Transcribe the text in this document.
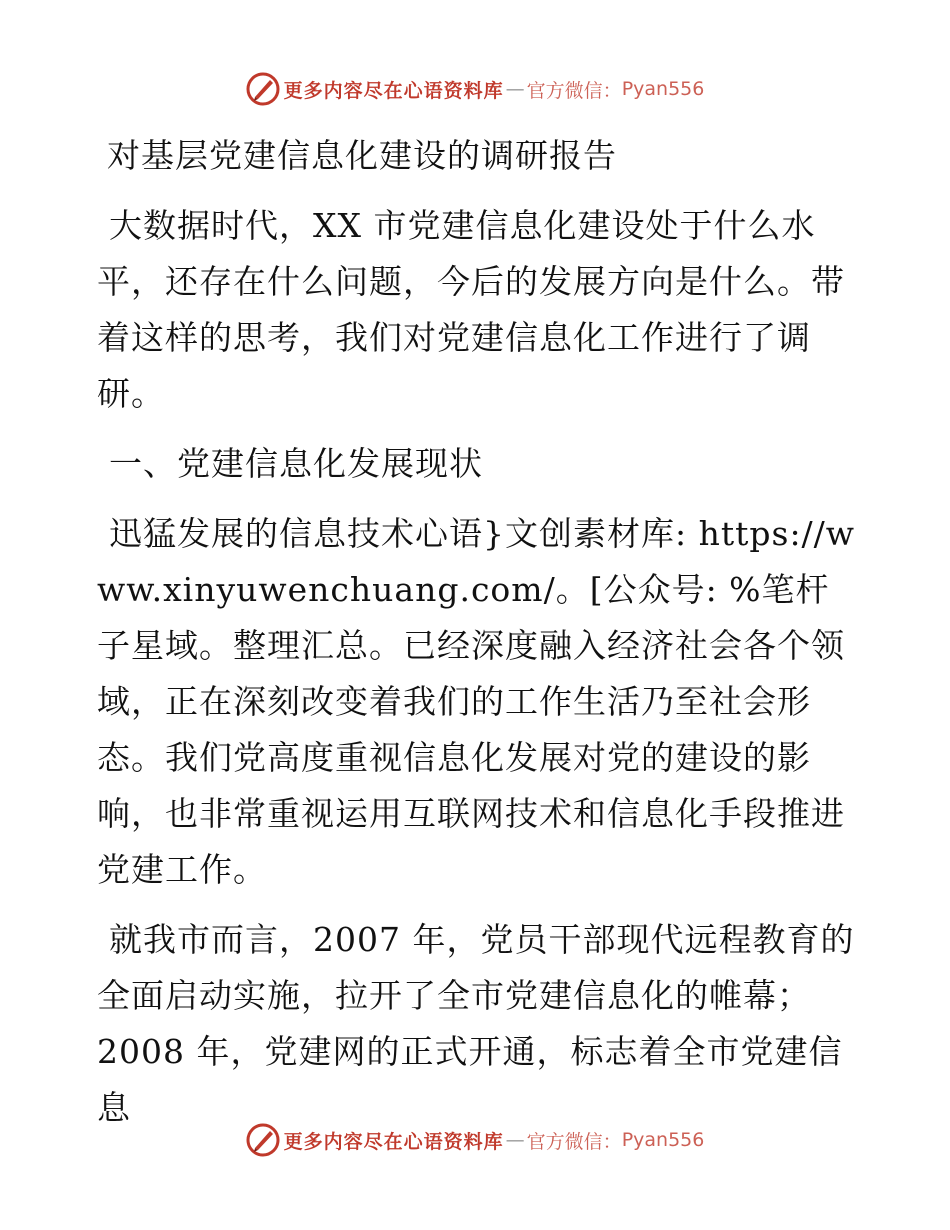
更多内容尽在心语资料库 — 官方微信： Pyan556

对基层党建信息化建设的调研报告

大数据时代，XX 市党建信息化建设处于什么水平，还存在什么问题，今后的发展方向是什么。带着这样的思考，我们对党建信息化工作进行了调研。

一、党建信息化发展现状

迅猛发展的信息技术心语}文创素材库: https://www.xinyuwenchuang.com/。[公众号: %笔杆子星域。整理汇总。已经深度融入经济社会各个领域，正在深刻改变着我们的工作生活乃至社会形态。我们党高度重视信息化发展对党的建设的影响，也非常重视运用互联网技术和信息化手段推进党建工作。

就我市而言，2007 年，党员干部现代远程教育的全面启动实施，拉开了全市党建信息化的帷幕；2008 年，党建网的正式开通，标志着全市党建信息

更多内容尽在心语资料库 — 官方微信： Pyan556
